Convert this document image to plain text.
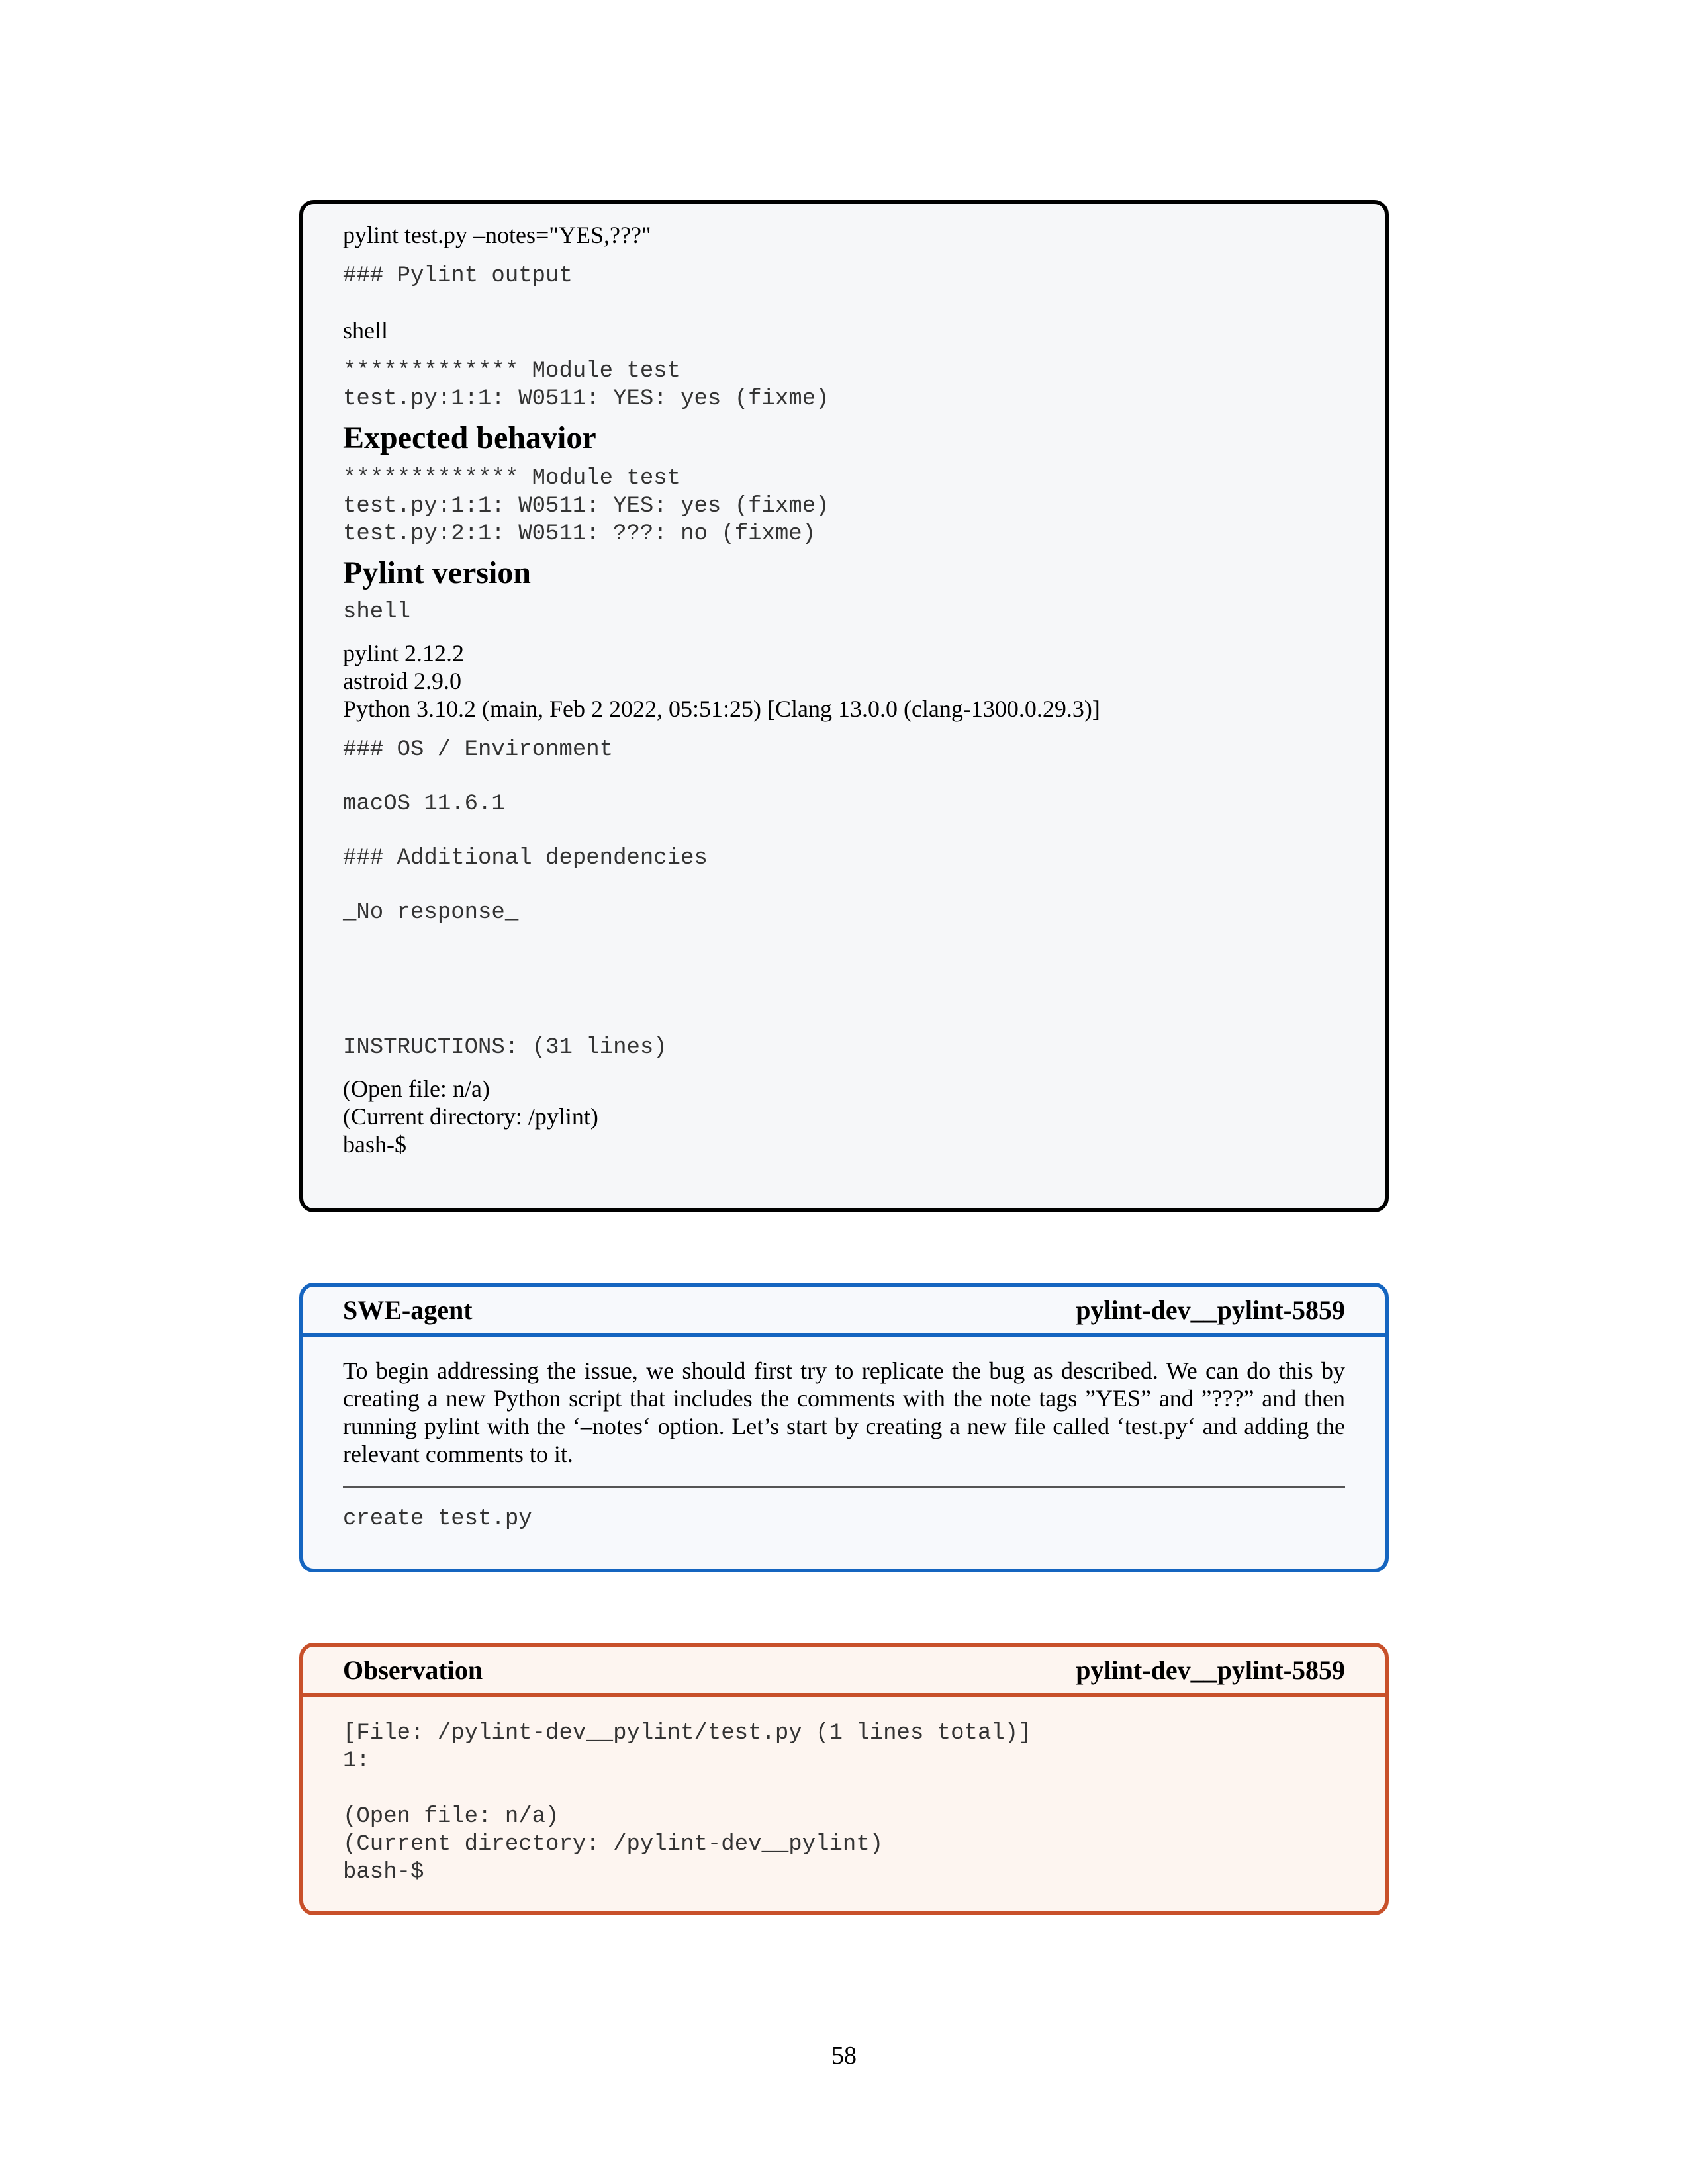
pylint test.py –notes="YES,???"

### Pylint output

shell

************* Module test

test.py:1:1: W0511: YES: yes (fixme)

Expected behavior

************* Module test

test.py:1:1: W0511: YES: yes (fixme)

test.py:2:1: W0511: ???: no (fixme)

Pylint version

shell

pylint 2.12.2

astroid 2.9.0

Python 3.10.2 (main, Feb 2 2022, 05:51:25) [Clang 13.0.0 (clang-1300.0.29.3)]

### OS / Environment

macOS 11.6.1

### Additional dependencies

_No response_

INSTRUCTIONS: (31 lines)

(Open file: n/a)

(Current directory: /pylint)

bash-$

SWE-agent	pylint-dev__pylint-5859

To begin addressing the issue, we should first try to replicate the bug as described. We can do this by creating a new Python script that includes the comments with the note tags ”YES” and ”???” and then running pylint with the ‘–notes‘ option. Let’s start by creating a new file called ‘test.py‘ and adding the relevant comments to it.

create test.py

Observation	pylint-dev__pylint-5859

[File: /pylint-dev__pylint/test.py (1 lines total)]

1:

(Open file: n/a)

(Current directory: /pylint-dev__pylint)

bash-$

58
